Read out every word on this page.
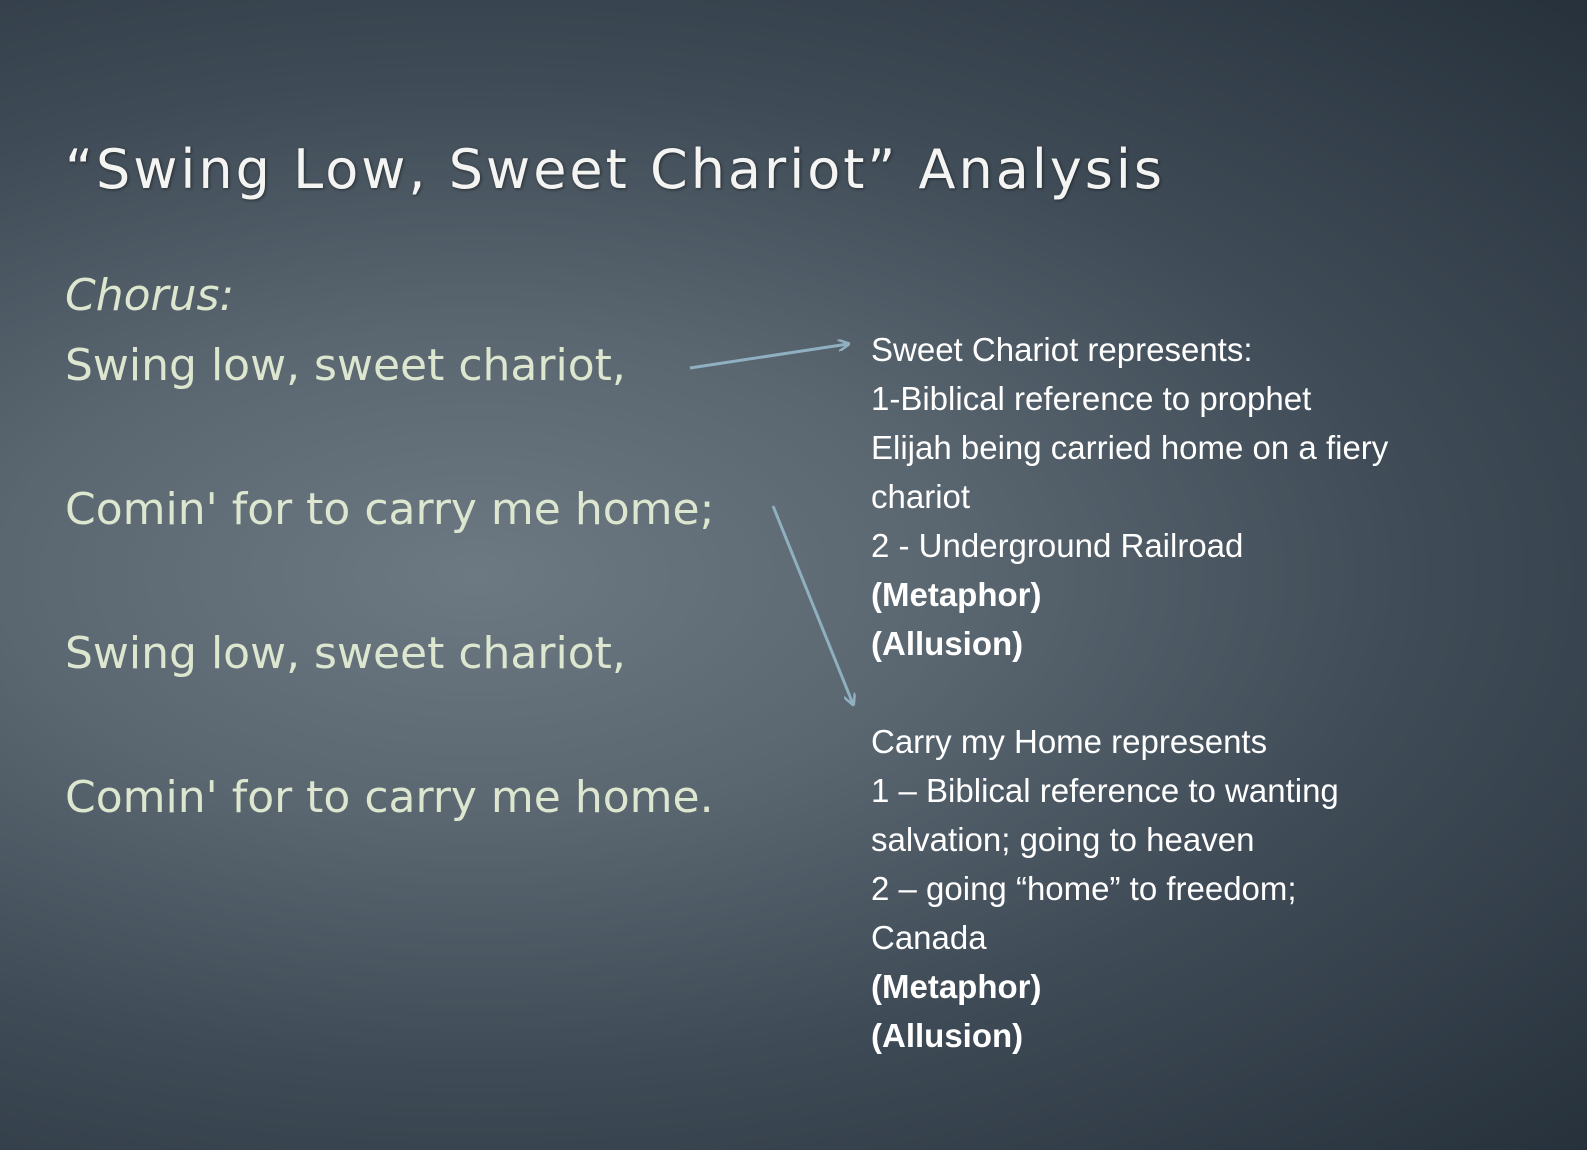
“Swing Low, Sweet Chariot” Analysis
Chorus:
Swing low, sweet chariot,
Comin' for to carry me home;
Swing low, sweet chariot,
Comin' for to carry me home.
Sweet Chariot represents:
1-Biblical reference to prophet
Elijah being carried home on a fiery
chariot
2 - Underground Railroad
(Metaphor)
(Allusion)
Carry my Home represents
1 – Biblical reference to wanting
salvation; going to heaven
2 – going “home” to freedom;
Canada
(Metaphor)
(Allusion)
